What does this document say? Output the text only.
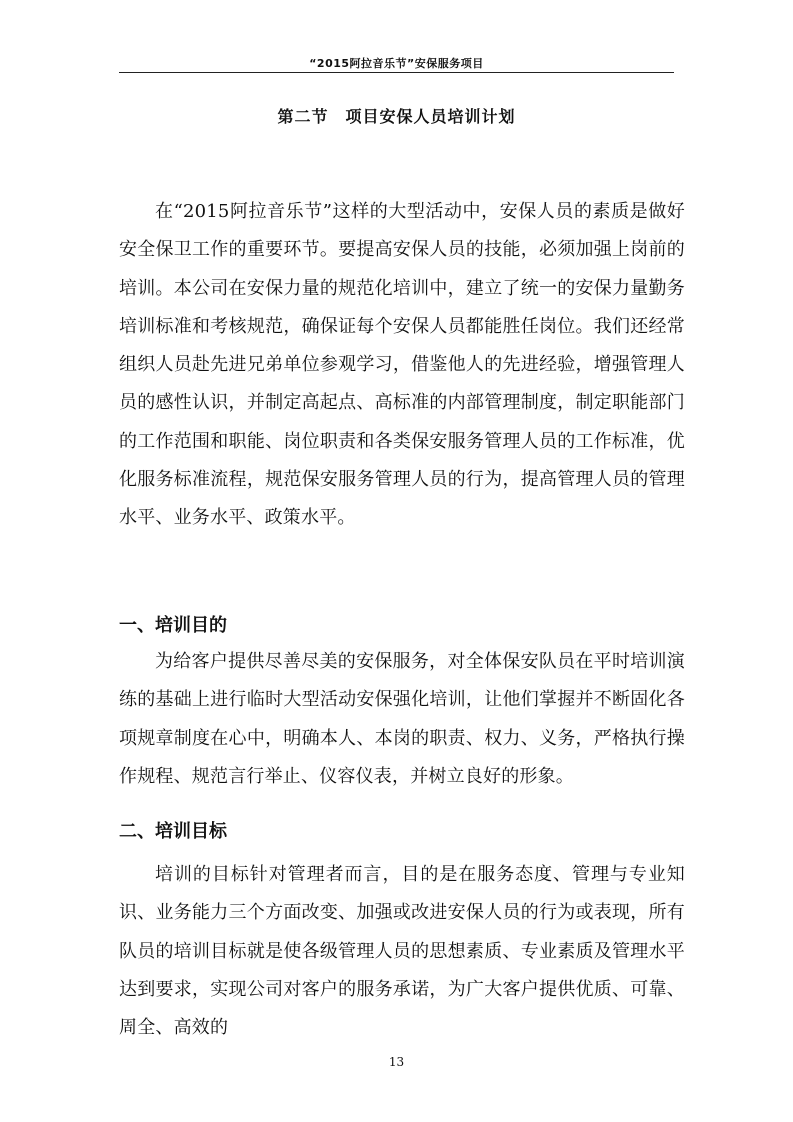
“2015阿拉音乐节”安保服务项目
第二节　项目安保人员培训计划

在“2015阿拉音乐节”这样的大型活动中，安保人员的素质是做好安全保卫工作的重要环节。要提高安保人员的技能，必须加强上岗前的培训。本公司在安保力量的规范化培训中，建立了统一的安保力量勤务培训标准和考核规范，确保证每个安保人员都能胜任岗位。我们还经常组织人员赴先进兄弟单位参观学习，借鉴他人的先进经验，增强管理人员的感性认识，并制定高起点、高标准的内部管理制度，制定职能部门的工作范围和职能、岗位职责和各类保安服务管理人员的工作标准，优化服务标准流程，规范保安服务管理人员的行为，提高管理人员的管理水平、业务水平、政策水平。

一、培训目的

为给客户提供尽善尽美的安保服务，对全体保安队员在平时培训演练的基础上进行临时大型活动安保强化培训，让他们掌握并不断固化各项规章制度在心中，明确本人、本岗的职责、权力、义务，严格执行操作规程、规范言行举止、仪容仪表，并树立良好的形象。

二、培训目标

培训的目标针对管理者而言，目的是在服务态度、管理与专业知识、业务能力三个方面改变、加强或改进安保人员的行为或表现，所有队员的培训目标就是使各级管理人员的思想素质、专业素质及管理水平达到要求，实现公司对客户的服务承诺，为广大客户提供优质、可靠、周全、高效的

13
